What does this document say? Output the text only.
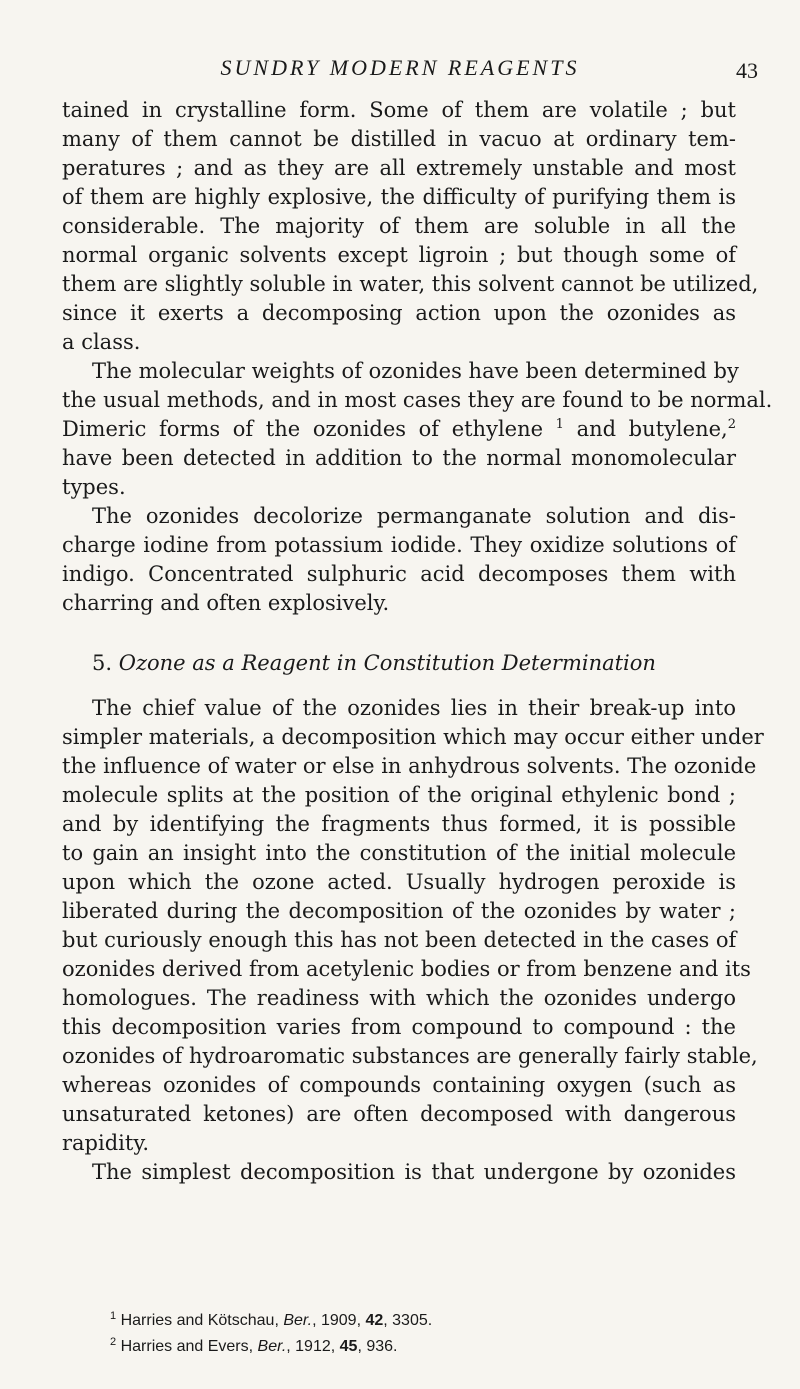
SUNDRY MODERN REAGENTS	43
tained in crystalline form. Some of them are volatile ; but
many of them cannot be distilled in vacuo at ordinary tem-
peratures ; and as they are all extremely unstable and most
of them are highly explosive, the difficulty of purifying them is
considerable. The majority of them are soluble in all the
normal organic solvents except ligroin ; but though some of
them are slightly soluble in water, this solvent cannot be utilized,
since it exerts a decomposing action upon the ozonides as
a class.
The molecular weights of ozonides have been determined by
the usual methods, and in most cases they are found to be normal.
Dimeric forms of the ozonides of ethylene $^1$ and butylene,$^2$
have been detected in addition to the normal monomolecular
types.
The ozonides decolorize permanganate solution and dis-
charge iodine from potassium iodide. They oxidize solutions of
indigo. Concentrated sulphuric acid decomposes them with
charring and often explosively.
5. Ozone as a Reagent in Constitution Determination
The chief value of the ozonides lies in their break-up into
simpler materials, a decomposition which may occur either under
the influence of water or else in anhydrous solvents. The ozonide
molecule splits at the position of the original ethylenic bond ;
and by identifying the fragments thus formed, it is possible
to gain an insight into the constitution of the initial molecule
upon which the ozone acted. Usually hydrogen peroxide is
liberated during the decomposition of the ozonides by water ;
but curiously enough this has not been detected in the cases of
ozonides derived from acetylenic bodies or from benzene and its
homologues. The readiness with which the ozonides undergo
this decomposition varies from compound to compound : the
ozonides of hydroaromatic substances are generally fairly stable,
whereas ozonides of compounds containing oxygen (such as
unsaturated ketones) are often decomposed with dangerous
rapidity.
The simplest decomposition is that undergone by ozonides
$^1$ Harries and Kötschau, Ber., 1909, 42, 3305.
$^2$ Harries and Evers, Ber., 1912, 45, 936.
